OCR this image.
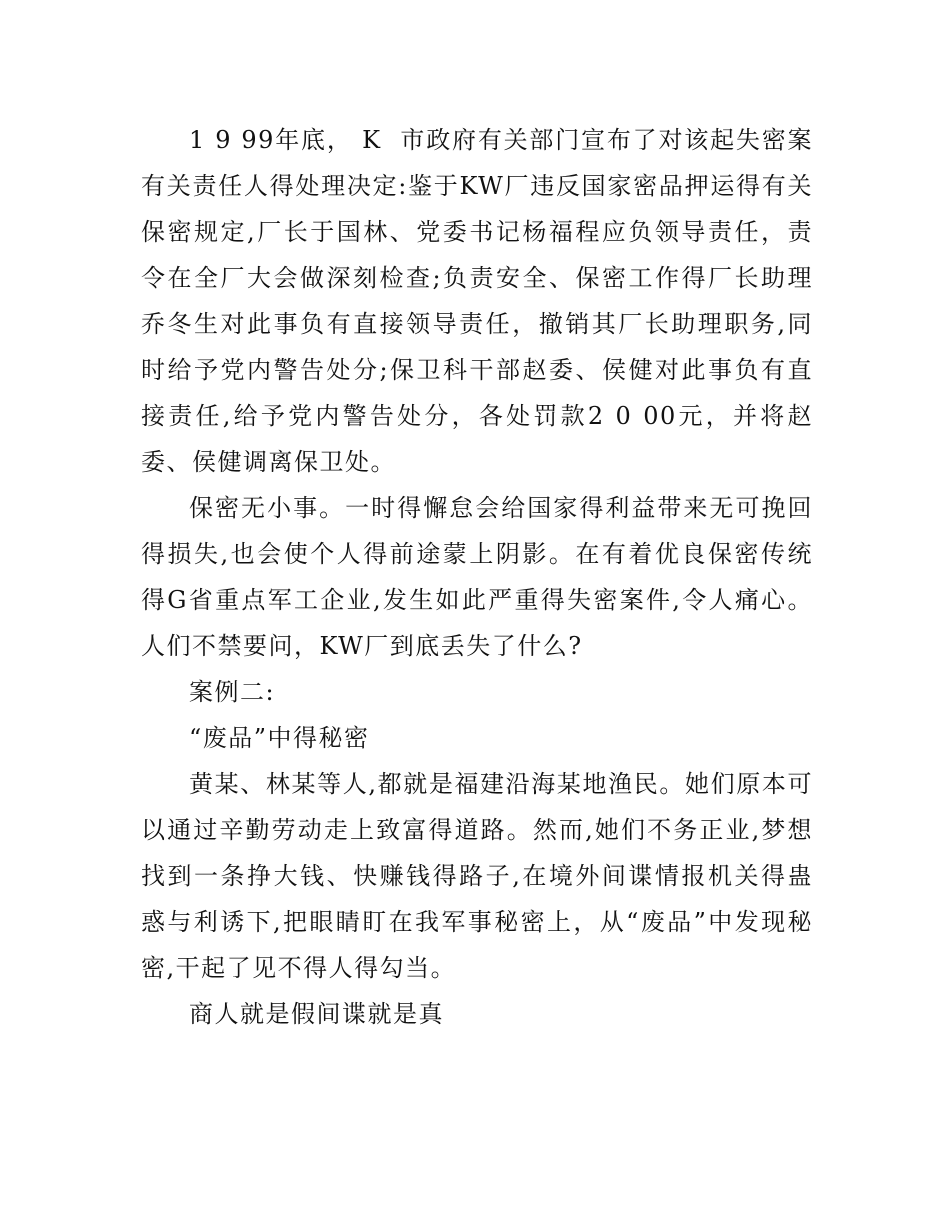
1 9 99年底， K  市政府有关部门宣布了对该起失密案有关责任人得处理决定:鉴于KW厂违反国家密品押运得有关保密规定,厂长于国林、党委书记杨福程应负领导责任，责令在全厂大会做深刻检查;负责安全、保密工作得厂长助理乔冬生对此事负有直接领导责任，撤销其厂长助理职务,同时给予党内警告处分;保卫科干部赵委、侯健对此事负有直接责任,给予党内警告处分，各处罚款2 0 00元，并将赵委、侯健调离保卫处。

保密无小事。一时得懈怠会给国家得利益带来无可挽回得损失,也会使个人得前途蒙上阴影。在有着优良保密传统得G省重点军工企业,发生如此严重得失密案件,令人痛心。人们不禁要问，KW厂到底丢失了什么?

案例二:

“废品”中得秘密

黄某、林某等人,都就是福建沿海某地渔民。她们原本可以通过辛勤劳动走上致富得道路。然而,她们不务正业,梦想找到一条挣大钱、快赚钱得路子,在境外间谍情报机关得蛊惑与利诱下,把眼睛盯在我军事秘密上，从“废品”中发现秘密,干起了见不得人得勾当。

商人就是假间谍就是真
